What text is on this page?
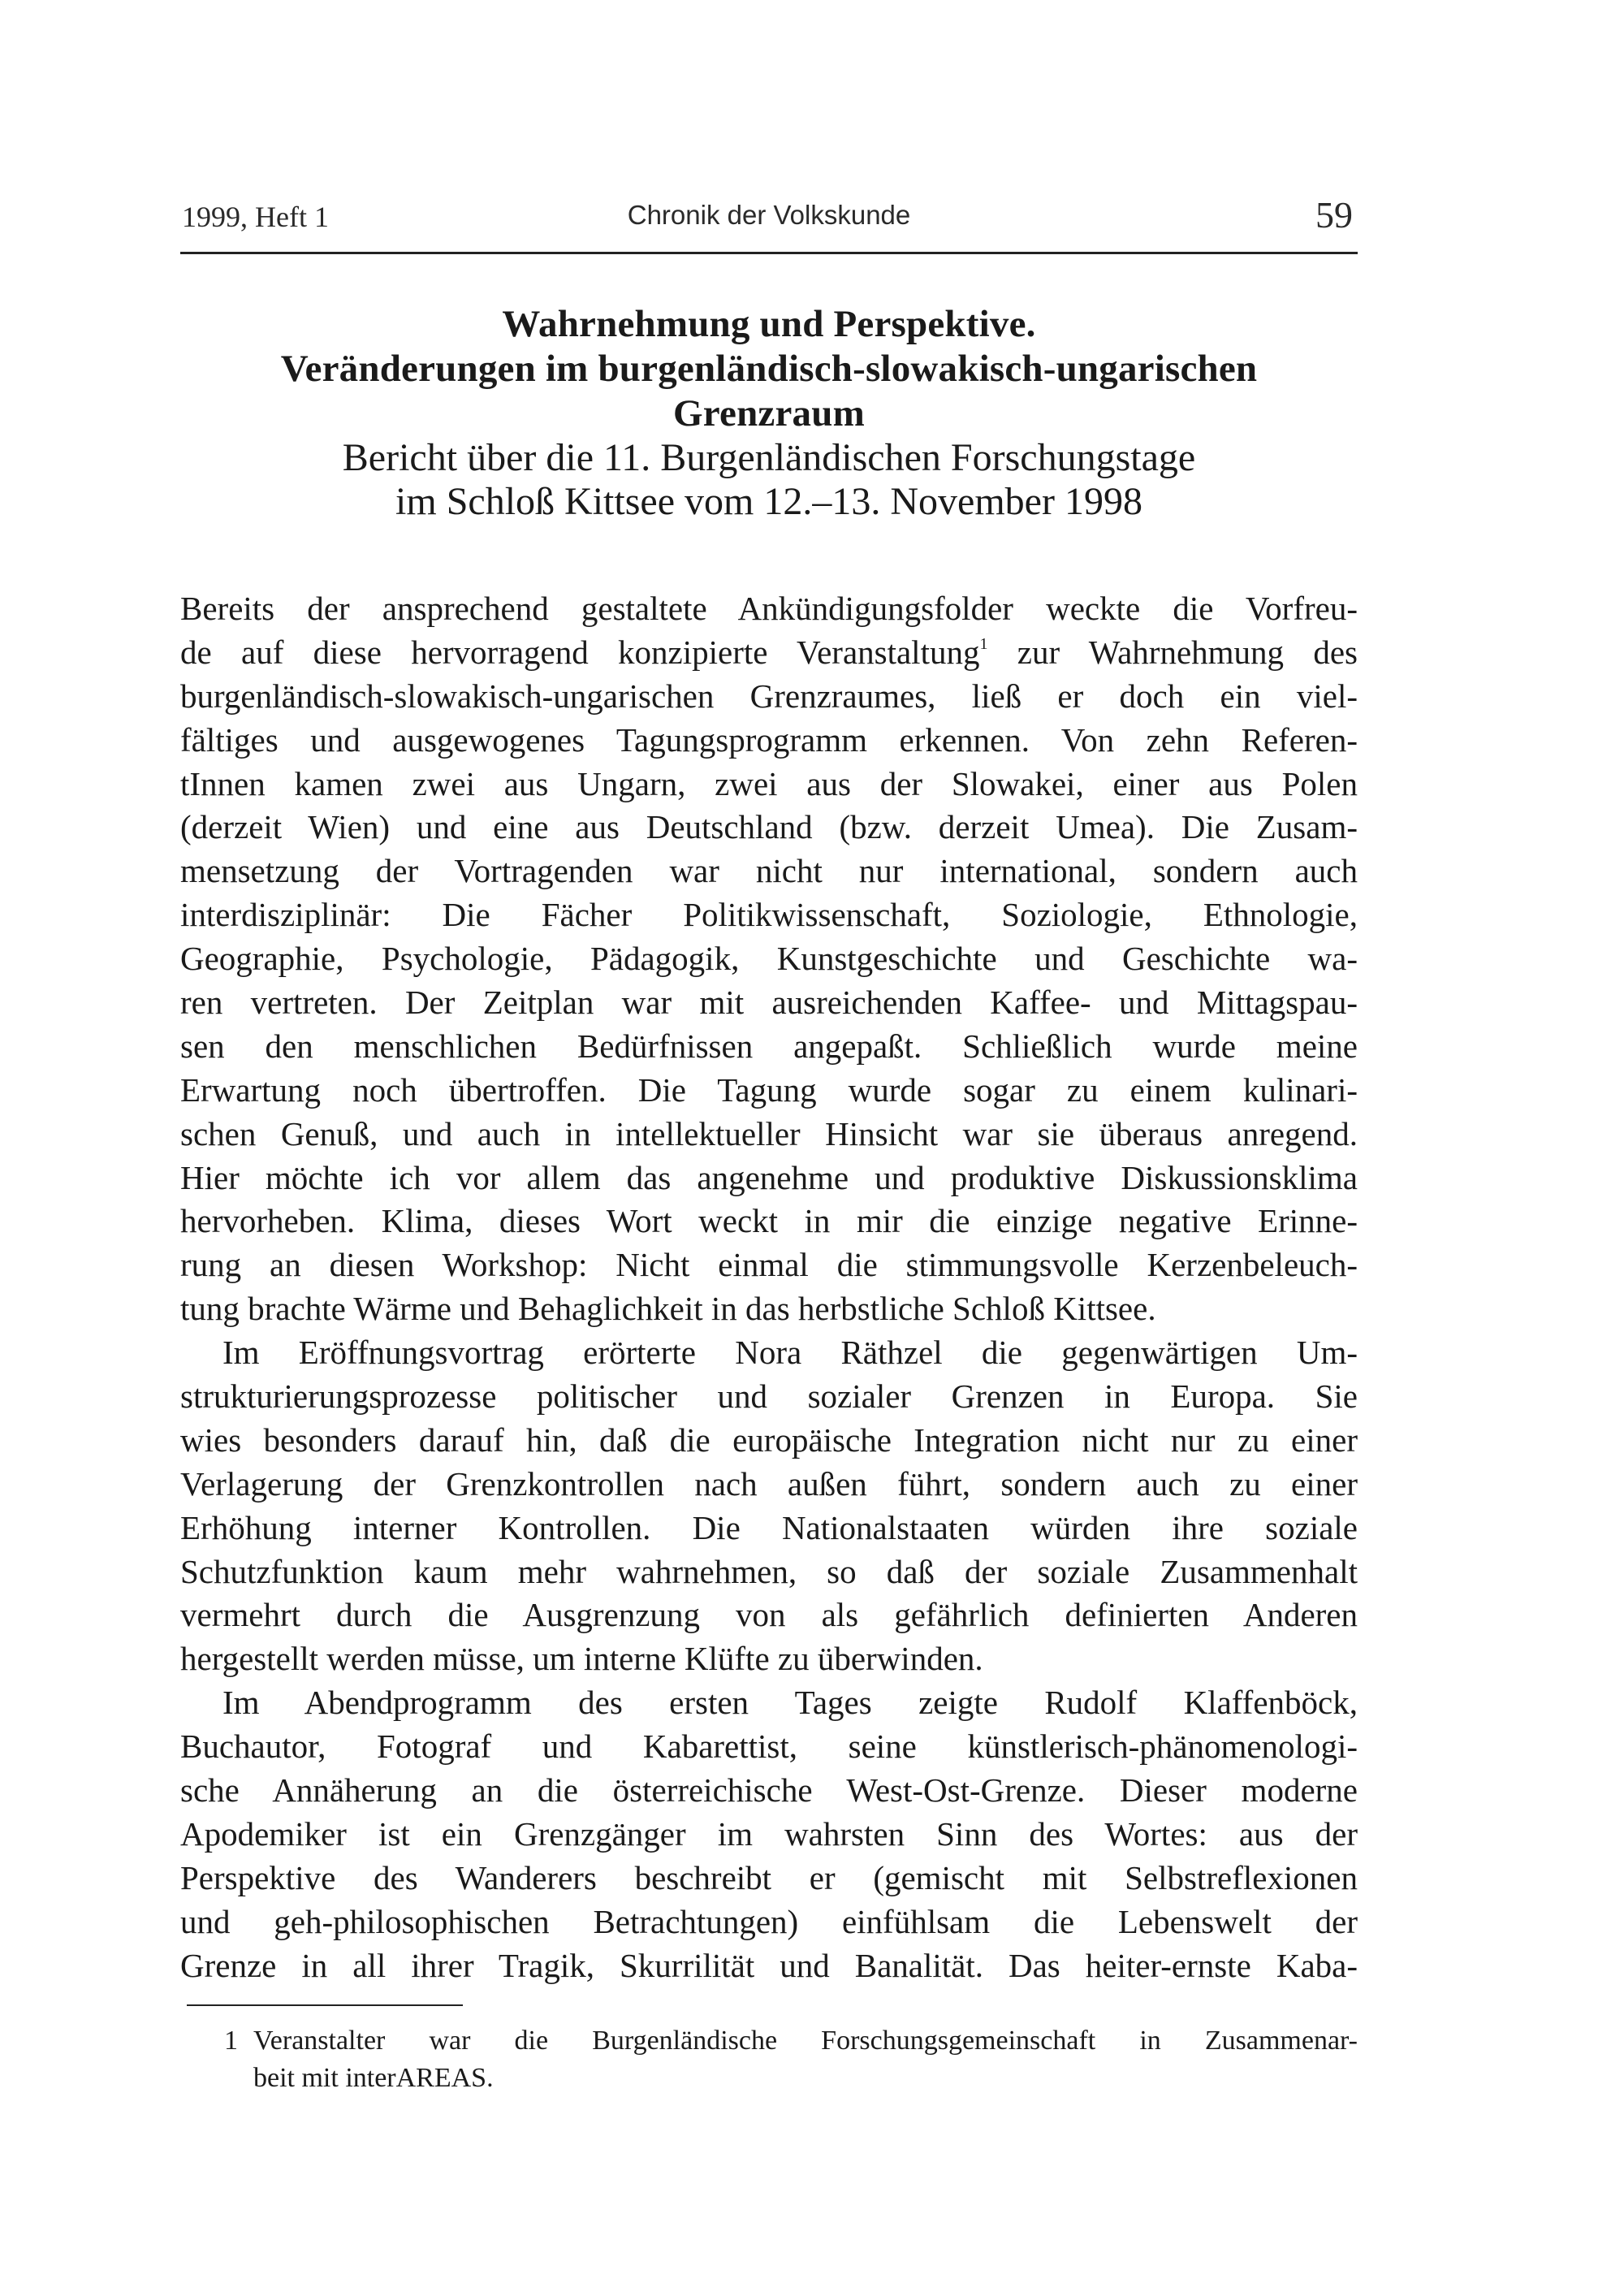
1999, Heft 1	Chronik der Volkskunde	59
Wahrnehmung und Perspektive.
Veränderungen im burgenländisch-slowakisch-ungarischen
Grenzraum
Bericht über die 11. Burgenländischen Forschungstage
im Schloß Kittsee vom 12.–13. November 1998
Bereits der ansprechend gestaltete Ankündigungsfolder weckte die Vorfreu-
de auf diese hervorragend konzipierte Veranstaltung$^1$ zur Wahrnehmung des
burgenländisch-slowakisch-ungarischen Grenzraumes, ließ er doch ein viel-
fältiges und ausgewogenes Tagungsprogramm erkennen. Von zehn Referen-
tInnen kamen zwei aus Ungarn, zwei aus der Slowakei, einer aus Polen
(derzeit Wien) und eine aus Deutschland (bzw. derzeit Umea). Die Zusam-
mensetzung der Vortragenden war nicht nur international, sondern auch
interdisziplinär: Die Fächer Politikwissenschaft, Soziologie, Ethnologie,
Geographie, Psychologie, Pädagogik, Kunstgeschichte und Geschichte wa-
ren vertreten. Der Zeitplan war mit ausreichenden Kaffee- und Mittagspau-
sen den menschlichen Bedürfnissen angepaßt. Schließlich wurde meine
Erwartung noch übertroffen. Die Tagung wurde sogar zu einem kulinari-
schen Genuß, und auch in intellektueller Hinsicht war sie überaus anregend.
Hier möchte ich vor allem das angenehme und produktive Diskussionsklima
hervorheben. Klima, dieses Wort weckt in mir die einzige negative Erinne-
rung an diesen Workshop: Nicht einmal die stimmungsvolle Kerzenbeleuch-
tung brachte Wärme und Behaglichkeit in das herbstliche Schloß Kittsee.
Im Eröffnungsvortrag erörterte Nora Räthzel die gegenwärtigen Um-
strukturierungsprozesse politischer und sozialer Grenzen in Europa. Sie
wies besonders darauf hin, daß die europäische Integration nicht nur zu einer
Verlagerung der Grenzkontrollen nach außen führt, sondern auch zu einer
Erhöhung interner Kontrollen. Die Nationalstaaten würden ihre soziale
Schutzfunktion kaum mehr wahrnehmen, so daß der soziale Zusammenhalt
vermehrt durch die Ausgrenzung von als gefährlich definierten Anderen
hergestellt werden müsse, um interne Klüfte zu überwinden.
Im Abendprogramm des ersten Tages zeigte Rudolf Klaffenböck,
Buchautor, Fotograf und Kabarettist, seine künstlerisch-phänomenologi-
sche Annäherung an die österreichische West-Ost-Grenze. Dieser moderne
Apodemiker ist ein Grenzgänger im wahrsten Sinn des Wortes: aus der
Perspektive des Wanderers beschreibt er (gemischt mit Selbstreflexionen
und geh-philosophischen Betrachtungen) einfühlsam die Lebenswelt der
Grenze in all ihrer Tragik, Skurrilität und Banalität. Das heiter-ernste Kaba-
1 Veranstalter war die Burgenländische Forschungsgemeinschaft in Zusammenar-
beit mit interAREAS.
